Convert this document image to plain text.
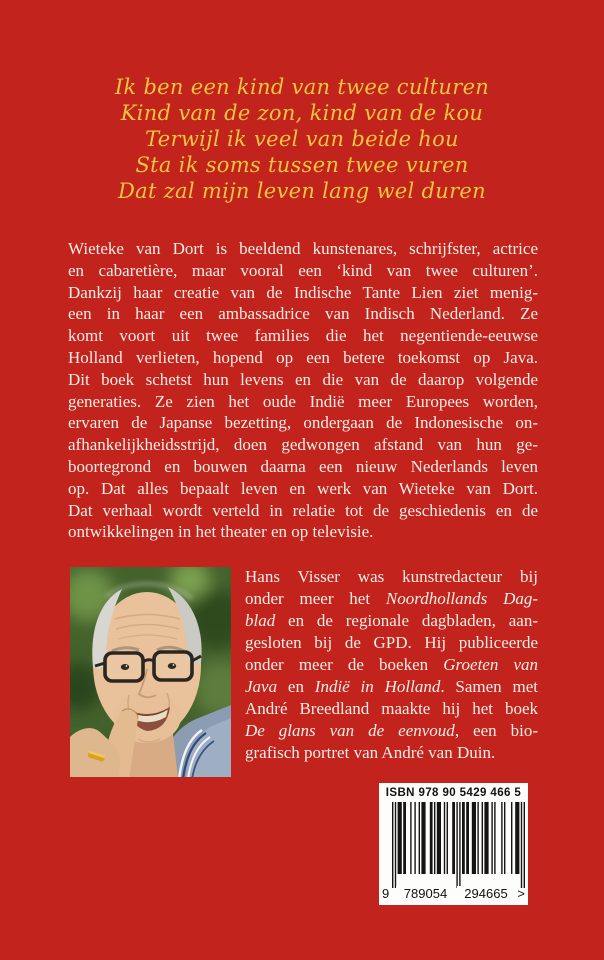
Ik ben een kind van twee culturen
Kind van de zon, kind van de kou
Terwijl ik veel van beide hou
Sta ik soms tussen twee vuren
Dat zal mijn leven lang wel duren
Wieteke van Dort is beeldend kunstenares, schrijfster, actrice
en cabaretière, maar vooral een ‘kind van twee culturen’.
Dankzij haar creatie van de Indische Tante Lien ziet menig-
een in haar een ambassadrice van Indisch Nederland. Ze
komt voort uit twee families die het negentiende-eeuwse
Holland verlieten, hopend op een betere toekomst op Java.
Dit boek schetst hun levens en die van de daarop volgende
generaties. Ze zien het oude Indië meer Europees worden,
ervaren de Japanse bezetting, ondergaan de Indonesische on-
afhankelijkheidsstrijd, doen gedwongen afstand van hun ge-
boortegrond en bouwen daarna een nieuw Nederlands leven
op. Dat alles bepaalt leven en werk van Wieteke van Dort.
Dat verhaal wordt verteld in relatie tot de geschiedenis en de
ontwikkelingen in het theater en op televisie.
Hans Visser was kunstredacteur bij
onder meer het Noordhollands Dag-
blad en de regionale dagbladen, aan-
gesloten bij de GPD. Hij publiceerde
onder meer de boeken Groeten van
Java en Indië in Holland. Samen met
André Breedland maakte hij het boek
De glans van de eenvoud, een bio-
grafisch portret van André van Duin.
ISBN 978 90 5429 466 5
9	789054	294665 >
